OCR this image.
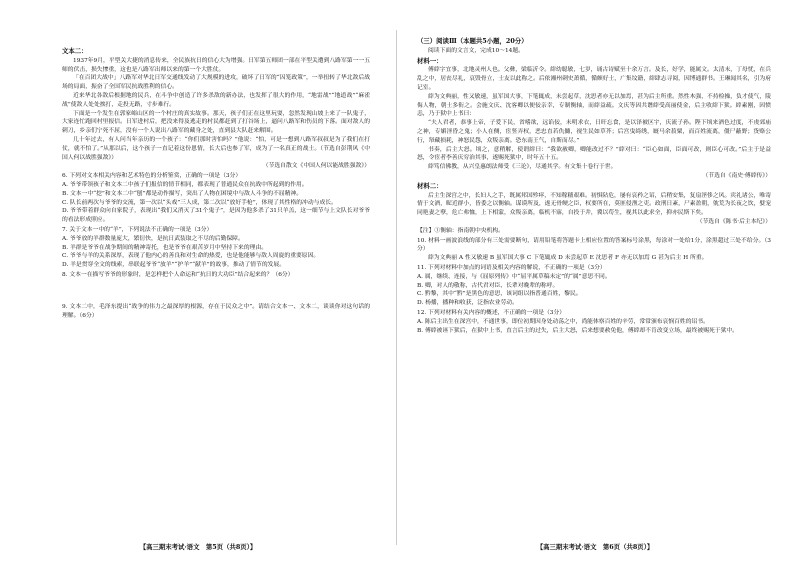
文本二：

1937年9月，平型关大捷的消息传来，全民族抗日的信心大为增强。日军第五师团一部在平型关遭到八路军第一一五师的伏击，损失惨重，这也是八路军出师以来的第一个大胜仗。

「在百团大战中」八路军对华北日军交通线发动了大规模的进攻，破坏了日军的“囚笼政策”，一举扭转了华北敌后战场的局面，振奋了全国军民抗战胜利的信心。

近来华北各敌后根据地的民兵，在斗争中创造了许多杀敌的新办法，也发挥了很大的作用，“地雷战”“地道战”“麻雀战”使敌人处处挨打，走投无路，寸步难行。

下面是一个发生在郭家峪山区的一个村庄的真实故事。那天，孩子们正在这里玩耍，忽然发现山坡上来了一队鬼子，大家连忙跑回村里报信。日军进村后，把没来得及逃走的村民都赶到了打谷场上，逼问八路军和伤员的下落。面对敌人的刺刀，乡亲们宁死不屈，没有一个人说出八路军的藏身之处，直到县大队赶来解围。

几十年过去，有人问当年亲历的一个孩子：“你们那时害怕吗？”他说：“怕，可是一想到八路军叔叔是为了我们在打仗，就不怕了。”从那以后，这个孩子一直记着这份恩情，长大后也参了军，成为了一名真正的战士。（节选自彭荆风《中国人何以战胜强敌》）

（节选自散文《中国人何以能战胜强敌》）

6. 下列对文本相关内容和艺术特色的分析鉴赏，正确的一项是（3分）

A. 爷爷带领孩子和文本二中孩子们报信的情节相同，都表现了普通民众在抗战中所起到的作用。

B. 文本一中“挖”和文本二中“刨”都是动作描写，突出了人物在困境中与敌人斗争的不屈精神。

C. 队长前两次与爷爷的交流，第一次以“头戏”三人成，第二次以“放好手枪”，体现了其性格的冲动与成长。

D. 爷爷带着群众向自家院子，表现出“我们又消灭了31个鬼子”，是因为他多杀了31只羊羔，这一细节与上文队长对爷爷的看法形成照应。

7. 关于文本一中的“羊”，下列说法不正确的一项是（3分）

A. 爷爷放的羊群数量庞大，繁衍快，是抗日武装取之不尽的后勤保障。

B. 羊群是爷爷在战争期间的精神寄托，也是爷爷在艰苦岁月中坚持下来的理由。

C. 爷爷与羊的关系深厚，表现了他内心的善良和对生命的热爱，也是他能够与敌人周旋的重要原因。

D. 羊是贯穿全文的线索，串联起爷爷“放羊”“护羊”“献羊”的故事，推动了情节的发展。

8. 文本一在描写爷爷的形象时，是怎样把个人命运和“抗日的大功臣”结合起来的？（6分）

9. 文本二中，毛泽东提出“战争的伟力之最深厚的根源，存在于民众之中”。请结合文本一、文本二，谈谈你对这句话的理解。（6分）

【高三期末考试·语文　第5页（共8页）】

（三）阅读Ⅲ（本题共5小题，20分）

阅读下面的文言文，完成10～14题。

材料一：

傅縡字宜事，北地灵州人也。父彝，梁临沂令。縡幼聪敏，七岁，诵古诗赋至十余万言。及长，好学，能属文。太清末，丁母忧，在兵乱之中，居丧尽礼，哀毁骨立，士友以此称之。后依湘州刺史萧循，循颇好士，广集坟籍，縡肆志寻阅，因博通群书。王琳闻其名，引为府记室。

縡为文典丽，性又敏速，虽军国大事，下笔辄成，未尝起草，沈思者亦无以加焉，甚为后主所重。然性木强，不持检操，负才使气，陵侮人物，朝士多衔之。会施文庆、沈客卿以便佞亲幸，专制衡轴，而縡益疏。文庆等因共谮縡受高丽使金，后主收縡下狱。縡素刚，因愤恚，乃于狱中上书曰：

“夫人君者，恭事上帝，子爱下民，省嗜欲，远谄佞，未明求衣，日旰忘食，是以泽被区宇，庆流子孙。陛下顷来酒色过度，不虔郊庙之神，专媚淫昏之鬼；小人在侧，宦竖弄权，恶忠直若仇雠，视生民如草芥；后宫曳绮绣，厩马余菽粟，而百姓流离，僵尸蔽野；货赂公行，帑藏损耗，神怒民怨，众叛亲离。恐东南王气，自斯而尽。”

书奏，后主大怒。顷之，意稍解，使谓縡曰：“我欲赦卿，卿能改过不？”縡对曰：“臣心如面，臣面可改，则臣心可改。”后主于是益怒，令宦者李善庆穷治其事，遂赐死狱中，时年五十五。

縡笃信佛教，从兴皇惠朗法师受《三论》，尽通其学。有文集十卷行于世。

（节选自《南史·傅縡传》）

材料二：

后主生深宫之中，长妇人之手，既属邦国殄瘁，不知稼穑艰难。初惧阽危，屡有哀矜之诏，后稍安集，复扇淫侈之风。宾礼诸公，唯寄情于文酒，昵近群小，皆委之以衡轴。谋谟所及，遂无骨鲠之臣，权要所在，莫匪侵渔之吏。政刑日紊，尸素盈朝，躭荒为长夜之饮，嬖宠同艳妻之孽，危亡弗恤，上下相蒙，众叛亲离，临机不寤，自投于井，冀以苟生，视其以此求全，抑亦民斯下矣。

（节选自《陈书·后主本纪》）

【注】①衡轴：指南朝中央机构。

10. 材料一画波浪线的部分有三处需要断句，请用铅笔将答题卡上相应位置的答案标号涂黑，每涂对一处给1分，涂黑超过三处不给分。（3分）

縡为文典丽 A 性又敏速 B 虽军国大事 C 下笔辄成 D 未尝起草 E 沈思者 F 亦无以加焉 G 甚为后主 H 所重。

11. 下列对材料中加点的词语及相关内容的解说，不正确的一项是（3分）

A. 属，继续、连接，与《屈原列传》中“屈平属草稿未定”的“属”意思不同。

B. 卿，对人的敬称，古代君对臣、长辈对晚辈的称呼。

C. 黔黎，其中“黔”是黑色的意思，该词组以指普通百姓，黎民。

D. 杨播，播种和收获，泛指农业劳动。

12. 下列对材料有关内容的概述，不正确的一项是（3分）

A. 陈后主出生在深宫中，不通世事，即位初期因身处动荡之中，尚能体察百姓的辛劳，常常颁布哀悯百姓的诏书。

B. 傅縡被诬下狱后，在狱中上书，直言后主的过失，后主大怒，后来想要赦免他，傅縡却不肯改变立场，最终被赐死于狱中。

【高三期末考试·语文　第6页（共8页）】
